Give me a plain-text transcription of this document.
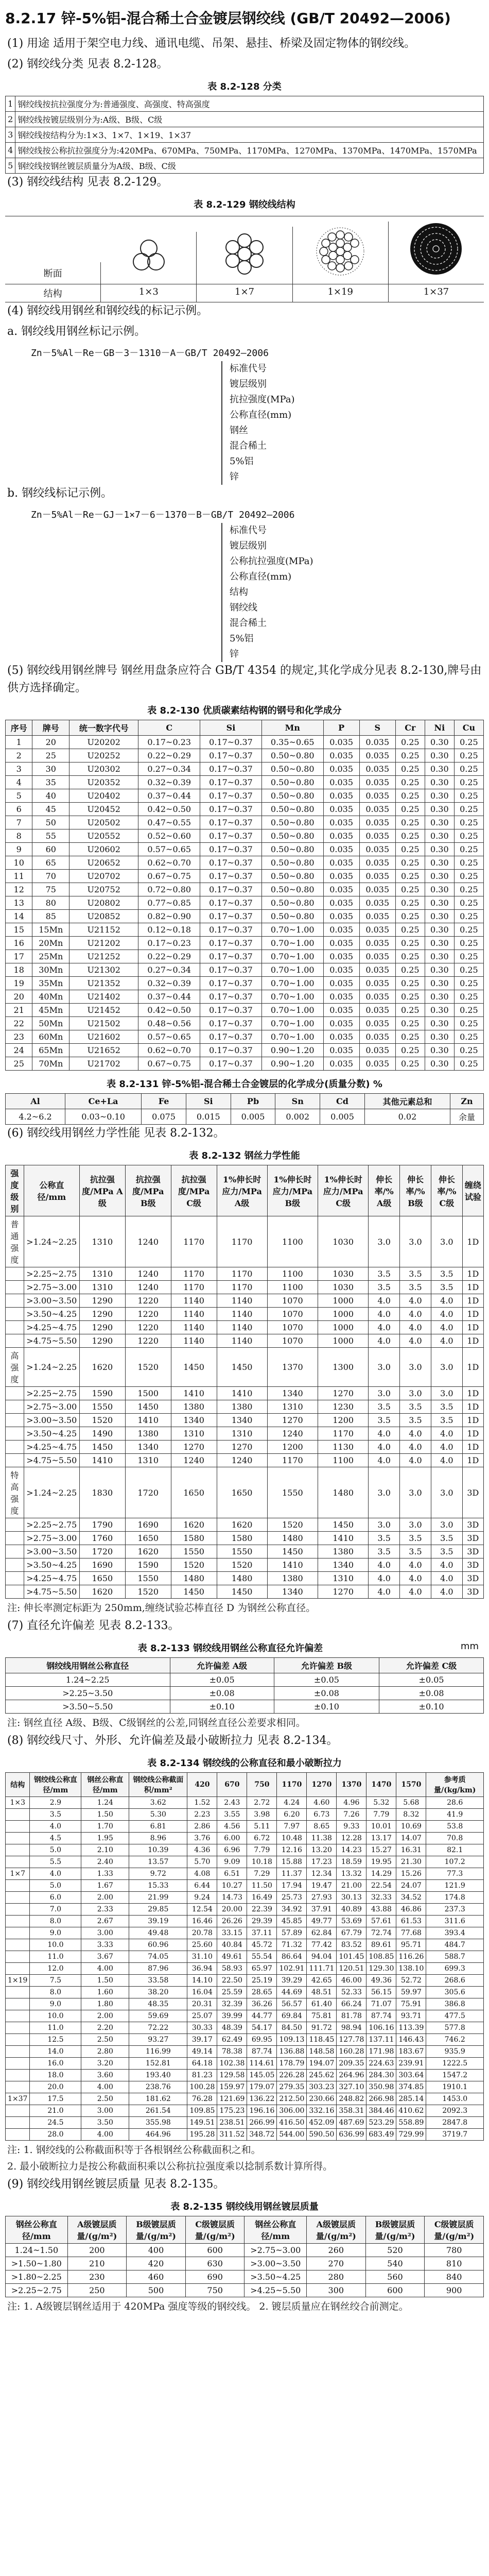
8.2.17 锌-5%铝-混合稀土合金镀层钢绞线 (GB/T 20492—2006)

(1) 用途 适用于架空电力线、通讯电缆、吊架、悬挂、桥梁及固定物体的钢绞线。

(2) 钢绞线分类 见表 8.2-128。

表 8.2-128 分类
1	钢绞线按抗拉强度分为:普通强度、高强度、特高强度
2	钢绞线按镀层级别分为:A级、B级、C级
3	钢绞线按结构分为:1×3、1×7、1×19、1×37
4	钢绞线按公称抗拉强度分为:420MPa、670MPa、750MPa、1170MPa、1270MPa、1370MPa、1470MPa、1570MPa
5	钢绞线按钢丝镀层质量分为A级、B级、C级

(3) 钢绞线结构 见表 8.2-129。

表 8.2-129 钢绞线结构
断面
结构	1×3	1×7	1×19	1×37

(4) 钢绞线用钢丝和钢绞线的标记示例。

a. 钢绞线用钢丝标记示例。

Zn－5%Al－Re－GB－3－1310－A－GB/T 20492—2006
标准代号
镀层级别
抗拉强度(MPa)
公称直径(mm)
钢丝
混合稀土
5%铝
锌

b. 钢绞线标记示例。

Zn－5%Al－Re－GJ－1×7－6－1370－B－GB/T 20492—2006
标准代号
镀层级别
公称抗拉强度(MPa)
公称直径(mm)
结构
钢绞线
混合稀土
5%铝
锌

(5) 钢绞线用钢丝牌号 钢丝用盘条应符合 GB/T 4354 的规定,其化学成分见表 8.2-130,牌号由供方选择确定。

表 8.2-130 优质碳素结构钢的钢号和化学成分
序号	牌号	统一数字代号	C	Si	Mn	P	S	Cr	Ni	Cu
1	20	U20202	0.17~0.23	0.17~0.37	0.35~0.65	0.035	0.035	0.25	0.30	0.25
2	25	U20252	0.22~0.29	0.17~0.37	0.50~0.80	0.035	0.035	0.25	0.30	0.25
3	30	U20302	0.27~0.34	0.17~0.37	0.50~0.80	0.035	0.035	0.25	0.30	0.25
4	35	U20352	0.32~0.39	0.17~0.37	0.50~0.80	0.035	0.035	0.25	0.30	0.25
5	40	U20402	0.37~0.44	0.17~0.37	0.50~0.80	0.035	0.035	0.25	0.30	0.25
6	45	U20452	0.42~0.50	0.17~0.37	0.50~0.80	0.035	0.035	0.25	0.30	0.25
7	50	U20502	0.47~0.55	0.17~0.37	0.50~0.80	0.035	0.035	0.25	0.30	0.25
8	55	U20552	0.52~0.60	0.17~0.37	0.50~0.80	0.035	0.035	0.25	0.30	0.25
9	60	U20602	0.57~0.65	0.17~0.37	0.50~0.80	0.035	0.035	0.25	0.30	0.25
10	65	U20652	0.62~0.70	0.17~0.37	0.50~0.80	0.035	0.035	0.25	0.30	0.25
11	70	U20702	0.67~0.75	0.17~0.37	0.50~0.80	0.035	0.035	0.25	0.30	0.25
12	75	U20752	0.72~0.80	0.17~0.37	0.50~0.80	0.035	0.035	0.25	0.30	0.25
13	80	U20802	0.77~0.85	0.17~0.37	0.50~0.80	0.035	0.035	0.25	0.30	0.25
14	85	U20852	0.82~0.90	0.17~0.37	0.50~0.80	0.035	0.035	0.25	0.30	0.25
15	15Mn	U21152	0.12~0.18	0.17~0.37	0.70~1.00	0.035	0.035	0.25	0.30	0.25
16	20Mn	U21202	0.17~0.23	0.17~0.37	0.70~1.00	0.035	0.035	0.25	0.30	0.25
17	25Mn	U21252	0.22~0.29	0.17~0.37	0.70~1.00	0.035	0.035	0.25	0.30	0.25
18	30Mn	U21302	0.27~0.34	0.17~0.37	0.70~1.00	0.035	0.035	0.25	0.30	0.25
19	35Mn	U21352	0.32~0.39	0.17~0.37	0.70~1.00	0.035	0.035	0.25	0.30	0.25
20	40Mn	U21402	0.37~0.44	0.17~0.37	0.70~1.00	0.035	0.035	0.25	0.30	0.25
21	45Mn	U21452	0.42~0.50	0.17~0.37	0.70~1.00	0.035	0.035	0.25	0.30	0.25
22	50Mn	U21502	0.48~0.56	0.17~0.37	0.70~1.00	0.035	0.035	0.25	0.30	0.25
23	60Mn	U21602	0.57~0.65	0.17~0.37	0.70~1.00	0.035	0.035	0.25	0.30	0.25
24	65Mn	U21652	0.62~0.70	0.17~0.37	0.90~1.20	0.035	0.035	0.25	0.30	0.25
25	70Mn	U21702	0.67~0.75	0.17~0.37	0.90~1.20	0.035	0.035	0.25	0.30	0.25
表 8.2-131 锌-5%铝-混合稀土合金镀层的化学成分(质量分数) %
Al	Ce+La	Fe	Si	Pb	Sn	Cd	其他元素总和	Zn
4.2~6.2	0.03~0.10	0.075	0.015	0.005	0.002	0.005	0.02	余量

(6) 钢绞线用钢丝力学性能 见表 8.2-132。

表 8.2-132 钢丝力学性能
强度级别	公称直径/mm	抗拉强度/MPa A级	抗拉强度/MPa B级	抗拉强度/MPa C级	1%伸长时应力/MPa A级	1%伸长时应力/MPa B级	1%伸长时应力/MPa C级	伸长率/% A级	伸长率/% B级	伸长率/% C级	缠绕试验
普通强度	>1.24~2.25	1310	1240	1170	1170	1100	1030	3.0	3.0	3.0	1D
	>2.25~2.75	1310	1240	1170	1170	1100	1030	3.5	3.5	3.5	1D
	>2.75~3.00	1310	1240	1170	1170	1100	1030	3.5	3.5	3.5	1D
	>3.00~3.50	1290	1220	1140	1140	1070	1000	4.0	4.0	4.0	1D
	>3.50~4.25	1290	1220	1140	1140	1070	1000	4.0	4.0	4.0	1D
	>4.25~4.75	1290	1220	1140	1140	1070	1000	4.0	4.0	4.0	1D
	>4.75~5.50	1290	1220	1140	1140	1070	1000	4.0	4.0	4.0	1D
高强度	>1.24~2.25	1620	1520	1450	1450	1370	1300	3.0	3.0	3.0	1D
	>2.25~2.75	1590	1500	1410	1410	1340	1270	3.0	3.0	3.0	1D
	>2.75~3.00	1550	1450	1380	1380	1310	1230	3.5	3.5	3.5	1D
	>3.00~3.50	1520	1410	1340	1340	1270	1200	3.5	3.5	3.5	1D
	>3.50~4.25	1490	1380	1310	1310	1240	1170	4.0	4.0	4.0	1D
	>4.25~4.75	1450	1340	1270	1270	1200	1130	4.0	4.0	4.0	1D
	>4.75~5.50	1410	1310	1240	1240	1170	1100	4.0	4.0	4.0	1D
特高强度	>1.24~2.25	1830	1720	1650	1650	1550	1480	3.0	3.0	3.0	3D
	>2.25~2.75	1790	1690	1620	1620	1520	1450	3.0	3.0	3.0	3D
	>2.75~3.00	1760	1650	1580	1580	1480	1410	3.5	3.5	3.5	3D
	>3.00~3.50	1720	1620	1550	1550	1450	1380	3.5	3.5	3.5	3D
	>3.50~4.25	1690	1590	1520	1520	1410	1340	4.0	4.0	4.0	3D
	>4.25~4.75	1650	1550	1480	1480	1380	1310	4.0	4.0	4.0	3D
	>4.75~5.50	1620	1520	1450	1450	1340	1270	4.0	4.0	4.0	3D

注: 伸长率测定标距为 250mm,缠绕试验芯棒直径 D 为钢丝公称直径。

(7) 直径允许偏差 见表 8.2-133。

表 8.2-133 钢绞线用钢丝公称直径允许偏差	mm
钢绞线用钢丝公称直径	允许偏差 A级	允许偏差 B级	允许偏差 C级
1.24~2.25	±0.05	±0.05	±0.05
>2.25~3.50	±0.08	±0.08	±0.08
>3.50~5.50	±0.10	±0.10	±0.10

注: 钢丝直径 A级、B级、C级钢丝的公差,同钢丝直径公差要求相同。

(8) 钢绞线尺寸、外形、允许偏差及最小破断拉力 见表 8.2-134。

表 8.2-134 钢绞线的公称直径和最小破断拉力
结构	钢绞线公称直径/mm	钢丝公称直径/mm	钢绞线公称截面积/mm²	420	670	750	1170	1270	1370	1470	1570	参考质量/(kg/km)
1×3	2.9	1.24	3.62	1.52	2.43	2.72	4.24	4.60	4.96	5.32	5.68	28.6
	3.5	1.50	5.30	2.23	3.55	3.98	6.20	6.73	7.26	7.79	8.32	41.9
	4.0	1.70	6.81	2.86	4.56	5.11	7.97	8.65	9.33	10.01	10.69	53.8
	4.5	1.95	8.96	3.76	6.00	6.72	10.48	11.38	12.28	13.17	14.07	70.8
	5.0	2.10	10.39	4.36	6.96	7.79	12.16	13.20	14.23	15.27	16.31	82.1
	5.5	2.40	13.57	5.70	9.09	10.18	15.88	17.23	18.59	19.95	21.30	107.2
1×7	4.0	1.33	9.72	4.08	6.51	7.29	11.37	12.34	13.32	14.29	15.26	77.3
	5.0	1.67	15.33	6.44	10.27	11.50	17.94	19.47	21.00	22.54	24.07	121.9
	6.0	2.00	21.99	9.24	14.73	16.49	25.73	27.93	30.13	32.33	34.52	174.8
	7.0	2.33	29.85	12.54	20.00	22.39	34.92	37.91	40.89	43.88	46.86	237.3
	8.0	2.67	39.19	16.46	26.26	29.39	45.85	49.77	53.69	57.61	61.53	311.6
	9.0	3.00	49.48	20.78	33.15	37.11	57.89	62.84	67.79	72.74	77.68	393.4
	10.0	3.33	60.96	25.60	40.84	45.72	71.32	77.42	83.52	89.61	95.71	484.7
	11.0	3.67	74.05	31.10	49.61	55.54	86.64	94.04	101.45	108.85	116.26	588.7
	12.0	4.00	87.96	36.94	58.93	65.97	102.91	111.71	120.51	129.30	138.10	699.3
1×19	7.5	1.50	33.58	14.10	22.50	25.19	39.29	42.65	46.00	49.36	52.72	268.6
	8.0	1.60	38.20	16.04	25.59	28.65	44.69	48.51	52.33	56.15	59.97	305.6
	9.0	1.80	48.35	20.31	32.39	36.26	56.57	61.40	66.24	71.07	75.91	386.8
	10.0	2.00	59.69	25.07	39.99	44.77	69.84	75.81	81.78	87.74	93.71	477.5
	11.0	2.20	72.22	30.33	48.39	54.17	84.50	91.72	98.94	106.16	113.39	577.8
	12.5	2.50	93.27	39.17	62.49	69.95	109.13	118.45	127.78	137.11	146.43	746.2
	14.0	2.80	116.99	49.14	78.38	87.74	136.88	148.58	160.28	171.98	183.67	935.9
	16.0	3.20	152.81	64.18	102.38	114.61	178.79	194.07	209.35	224.63	239.91	1222.5
	18.0	3.60	193.40	81.23	129.58	145.05	226.28	245.62	264.96	284.30	303.64	1547.2
	20.0	4.00	238.76	100.28	159.97	179.07	279.35	303.23	327.10	350.98	374.85	1910.1
1×37	17.5	2.50	181.62	76.28	121.69	136.22	212.50	230.66	248.82	266.98	285.14	1453.0
	21.0	3.00	261.54	109.85	175.23	196.16	306.00	332.16	358.31	384.46	410.62	2092.3
	24.5	3.50	355.98	149.51	238.51	266.99	416.50	452.09	487.69	523.29	558.89	2847.8
	28.0	4.00	464.96	195.28	311.52	348.72	544.00	590.50	636.99	683.49	729.99	3719.7

注: 1. 钢绞线的公称截面积等于各根钢丝公称截面积之和。

2. 最小破断拉力是按公称截面积乘以公称抗拉强度乘以捻制系数计算所得。

(9) 钢绞线用钢丝镀层质量 见表 8.2-135。

表 8.2-135 钢绞线用钢丝镀层质量
钢丝公称直径/mm	A级镀层质量/(g/m²)	B级镀层质量/(g/m²)	C级镀层质量/(g/m²)	钢丝公称直径/mm	A级镀层质量/(g/m²)	B级镀层质量/(g/m²)	C级镀层质量/(g/m²)
1.24~1.50	200	400	600	>2.75~3.00	260	520	780
>1.50~1.80	210	420	630	>3.00~3.50	270	540	810
>1.80~2.25	230	460	690	>3.50~4.25	280	560	840
>2.25~2.75	250	500	750	>4.25~5.50	300	600	900

注: 1. A级镀层钢丝适用于 420MPa 强度等级的钢绞线。 2. 镀层质量应在钢丝绞合前测定。
